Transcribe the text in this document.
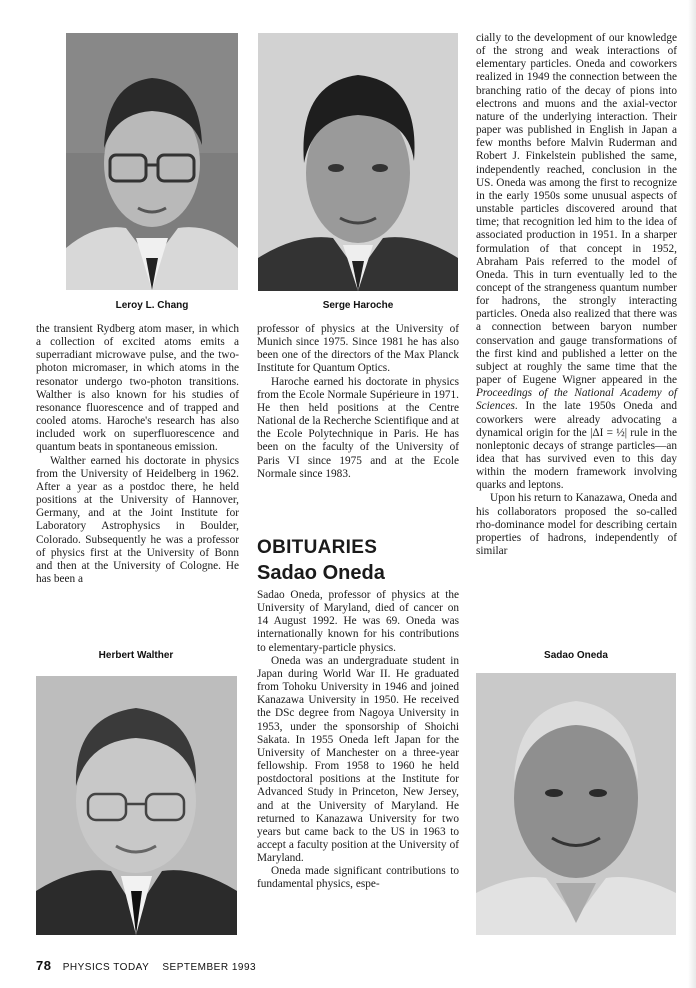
Leroy L. Chang	Serge Haroche
Herbert Walther	Sadao Oneda

the transient Rydberg atom maser, in which a collection of excited atoms emits a superradiant microwave pulse, and the two-photon micromaser, in which atoms in the resonator undergo two-photon transitions. Walther is also known for his studies of resonance fluorescence and of trapped and cooled atoms. Haroche's research has also included work on superfluorescence and quantum beats in spontaneous emission.

Walther earned his doctorate in physics from the University of Heidelberg in 1962. After a year as a postdoc there, he held positions at the University of Hannover, Germany, and at the Joint Institute for Laboratory Astrophysics in Boulder, Colorado. Subsequently he was a professor of physics first at the University of Bonn and then at the University of Cologne. He has been a

professor of physics at the University of Munich since 1975. Since 1981 he has also been one of the directors of the Max Planck Institute for Quantum Optics.

Haroche earned his doctorate in physics from the Ecole Normale Supérieure in 1971. He then held positions at the Centre National de la Recherche Scientifique and at the Ecole Polytechnique in Paris. He has been on the faculty of the University of Paris VI since 1975 and at the Ecole Normale since 1983.

OBITUARIES
Sadao Oneda

Sadao Oneda, professor of physics at the University of Maryland, died of cancer on 14 August 1992. He was 69. Oneda was internationally known for his contributions to elementary-particle physics.

Oneda was an undergraduate student in Japan during World War II. He graduated from Tohoku University in 1946 and joined Kanazawa University in 1950. He received the DSc degree from Nagoya University in 1953, under the sponsorship of Shoichi Sakata. In 1955 Oneda left Japan for the University of Manchester on a three-year fellowship. From 1958 to 1960 he held postdoctoral positions at the Institute for Advanced Study in Princeton, New Jersey, and at the University of Maryland. He returned to Kanazawa University for two years but came back to the US in 1963 to accept a faculty position at the University of Maryland.

Oneda made significant contributions to fundamental physics, espe-

cially to the development of our knowledge of the strong and weak interactions of elementary particles. Oneda and coworkers realized in 1949 the connection between the branching ratio of the decay of pions into electrons and muons and the axial-vector nature of the underlying interaction. Their paper was published in English in Japan a few months before Malvin Ruderman and Robert J. Finkelstein published the same, independently reached, conclusion in the US. Oneda was among the first to recognize in the early 1950s some unusual aspects of unstable particles discovered around that time; that recognition led him to the idea of associated production in 1951. In a sharper formulation of that concept in 1952, Abraham Pais referred to the model of Oneda. This in turn eventually led to the concept of the strangeness quantum number for hadrons, the strongly interacting particles. Oneda also realized that there was a connection between baryon number conservation and gauge transformations of the first kind and published a letter on the subject at roughly the same time that the paper of Eugene Wigner appeared in the Proceedings of the National Academy of Sciences. In the late 1950s Oneda and coworkers were already advocating a dynamical origin for the |ΔI = ½| rule in the nonleptonic decays of strange particles—an idea that has survived even to this day within the modern framework involving quarks and leptons.

Upon his return to Kanazawa, Oneda and his collaborators proposed the so-called rho-dominance model for describing certain properties of hadrons, independently of similar

78 PHYSICS TODAY SEPTEMBER 1993
